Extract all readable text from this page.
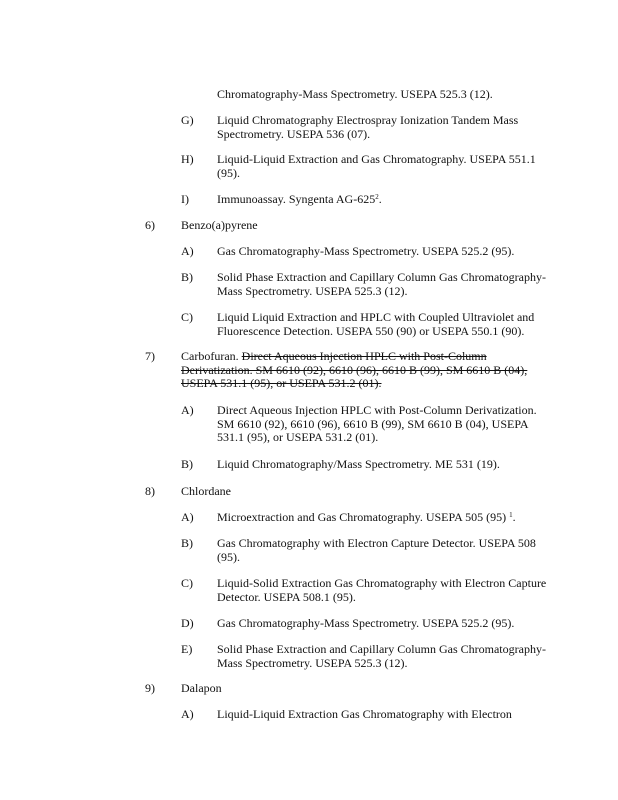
Chromatography-Mass Spectrometry. USEPA 525.3 (12).
G) Liquid Chromatography Electrospray Ionization Tandem Mass Spectrometry. USEPA 536 (07).
H) Liquid-Liquid Extraction and Gas Chromatography. USEPA 551.1 (95).
I) Immunoassay. Syngenta $AG-625^2$.
6) Benzo(a)pyrene
A) Gas Chromatography-Mass Spectrometry. USEPA 525.2 (95).
B) Solid Phase Extraction and Capillary Column Gas Chromatography-Mass Spectrometry. USEPA 525.3 (12).
C) Liquid Liquid Extraction and HPLC with Coupled Ultraviolet and Fluorescence Detection. USEPA 550 (90) or USEPA 550.1 (90).
7) Carbofuran. Direct Aqueous Injection HPLC with Post-Column Derivatization. SM 6610 (92), 6610 (96), 6610 B (99), SM 6610 B (04), USEPA 531.1 (95), or USEPA 531.2 (01).
A) Direct Aqueous Injection HPLC with Post-Column Derivatization. SM 6610 (92), 6610 (96), 6610 B (99), SM 6610 B (04), USEPA 531.1 (95), or USEPA 531.2 (01).
B) Liquid Chromatography/Mass Spectrometry. ME 531 (19).
8) Chlordane
A) Microextraction and Gas Chromatography. USEPA 505 (95) $^1$.
B) Gas Chromatography with Electron Capture Detector. USEPA 508 (95).
C) Liquid-Solid Extraction Gas Chromatography with Electron Capture Detector. USEPA 508.1 (95).
D) Gas Chromatography-Mass Spectrometry. USEPA 525.2 (95).
E) Solid Phase Extraction and Capillary Column Gas Chromatography-Mass Spectrometry. USEPA 525.3 (12).
9) Dalapon
A) Liquid-Liquid Extraction Gas Chromatography with Electron
